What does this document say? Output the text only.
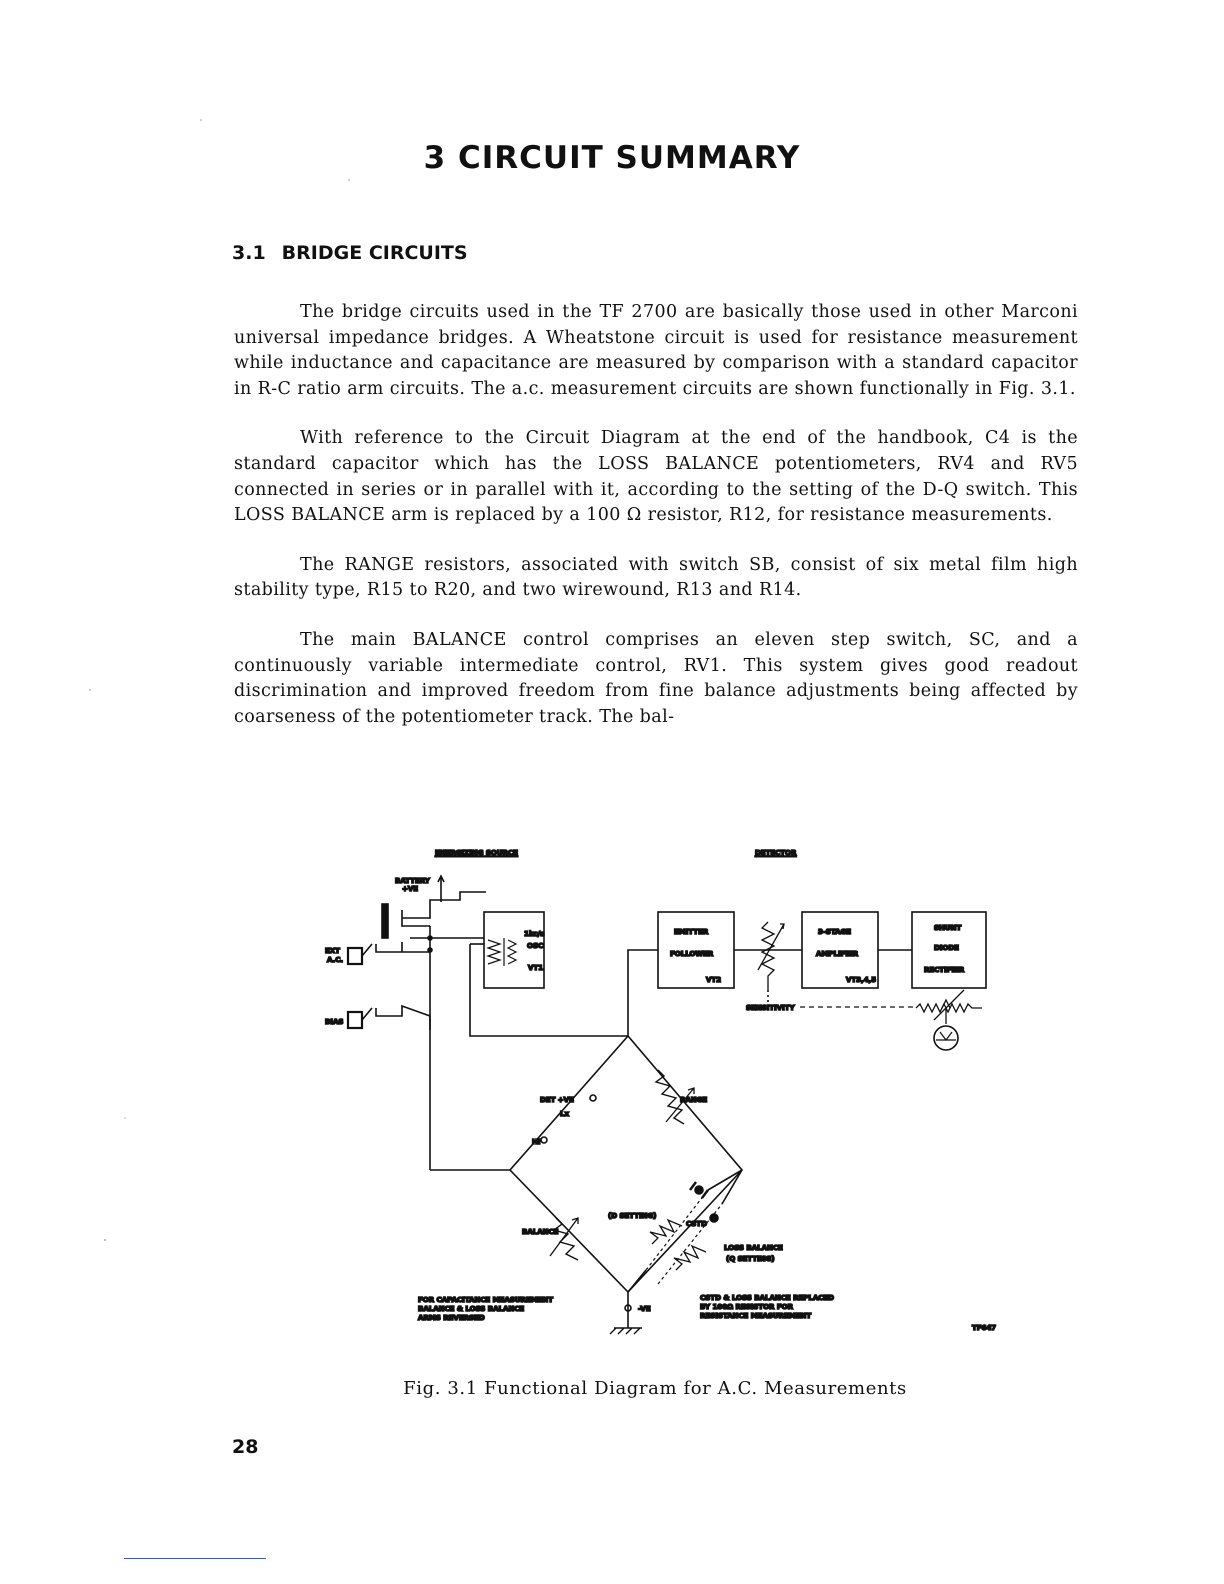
3 CIRCUIT SUMMARY
3.1 BRIDGE CIRCUITS

The bridge circuits used in the TF 2700 are basically those used in other Marconi universal impedance bridges. A Wheatstone circuit is used for resistance measurement while inductance and capacitance are measured by comparison with a standard capacitor in R-C ratio arm circuits. The a.c. measurement circuits are shown functionally in Fig. 3.1.

With reference to the Circuit Diagram at the end of the handbook, C4 is the standard capacitor which has the LOSS BALANCE potentiometers, RV4 and RV5 connected in series or in parallel with it, according to the setting of the D-Q switch. This LOSS BALANCE arm is replaced by a 100 Ω resistor, R12, for resistance measurements.

The RANGE resistors, associated with switch SB, consist of six metal film high stability type, R15 to R20, and two wirewound, R13 and R14.

The main BALANCE control comprises an eleven step switch, SC, and a continuously variable intermediate control, RV1. This system gives good readout discrimination and improved freedom from fine balance adjustments being affected by coarseness of the potentiometer track. The bal-

ENERGIZING SOURCE	DETECTOR
BATTERY
+VE
EXT
A.C.
BIAS
1kc/s
OSC
VT1
EMITTER
FOLLOWER
VT2
SENSITIVITY
3-STAGE
AMPLIFIER
VT3,4,5
SHUNT
DIODE
RECTIFIER
DET +VE
Lx
HI
RANGE
BALANCE
(D SETTING)
CSTD
LOSS BALANCE
(Q SETTING)
-VE
FOR CAPACITANCE MEASUREMENT
BALANCE & LOSS BALANCE
ARMS REVERSED
CSTD & LOSS BALANCE REPLACED
BY 100Ω RESISTOR FOR
RESISTANCE MEASUREMENT
TF647

Fig. 3.1 Functional Diagram for A.C. Measurements

28
